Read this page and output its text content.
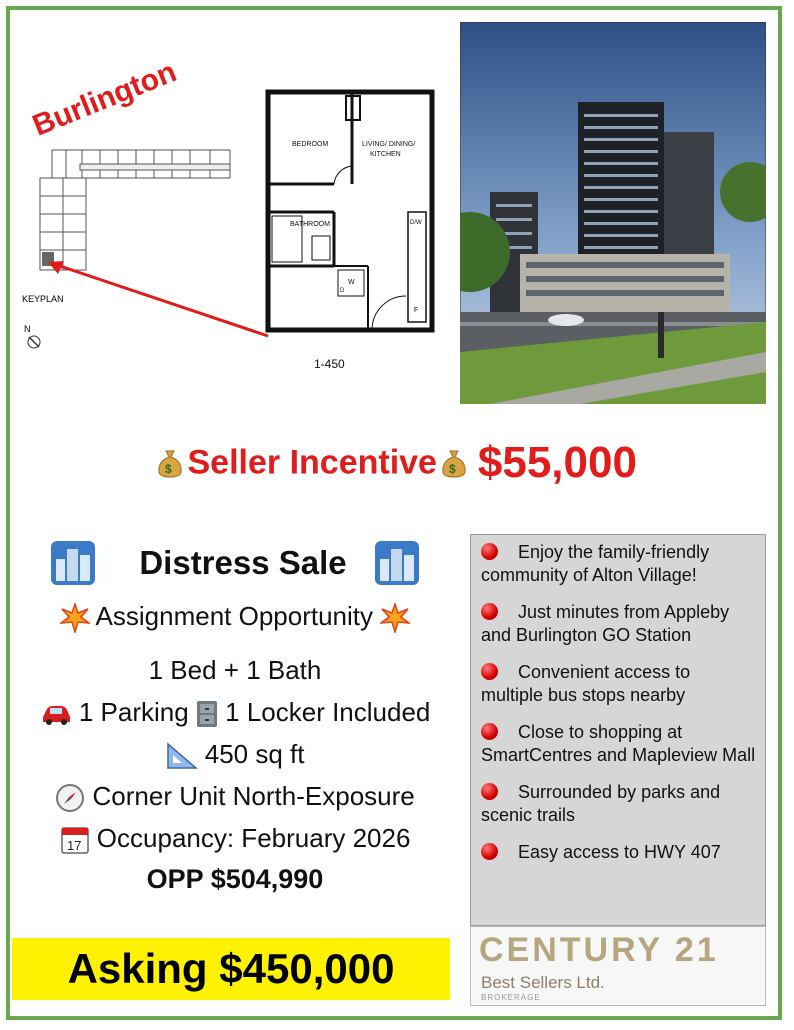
Burlington
KEYPLAN
N
BEDROOM	LIVING/ DINING/
KITCHEN
BATHROOM	D/W
W
D
F
1-450
$ Seller Incentive $ $55,000
Distress Sale
Assignment Opportunity
1 Bed + 1 Bath
1 Parking 1 Locker Included
450 sq ft
Corner Unit North-Exposure
17 Occupancy: February 2026
OPP $504,990
Asking $450,000
Enjoy the family-friendly community of Alton Village!
Just minutes from Appleby and Burlington GO Station
Convenient access to multiple bus stops nearby
Close to shopping at SmartCentres and Mapleview Mall
Surrounded by parks and scenic trails
Easy access to HWY 407
CENTURY 21
Best Sellers Ltd.
BROKERAGE
